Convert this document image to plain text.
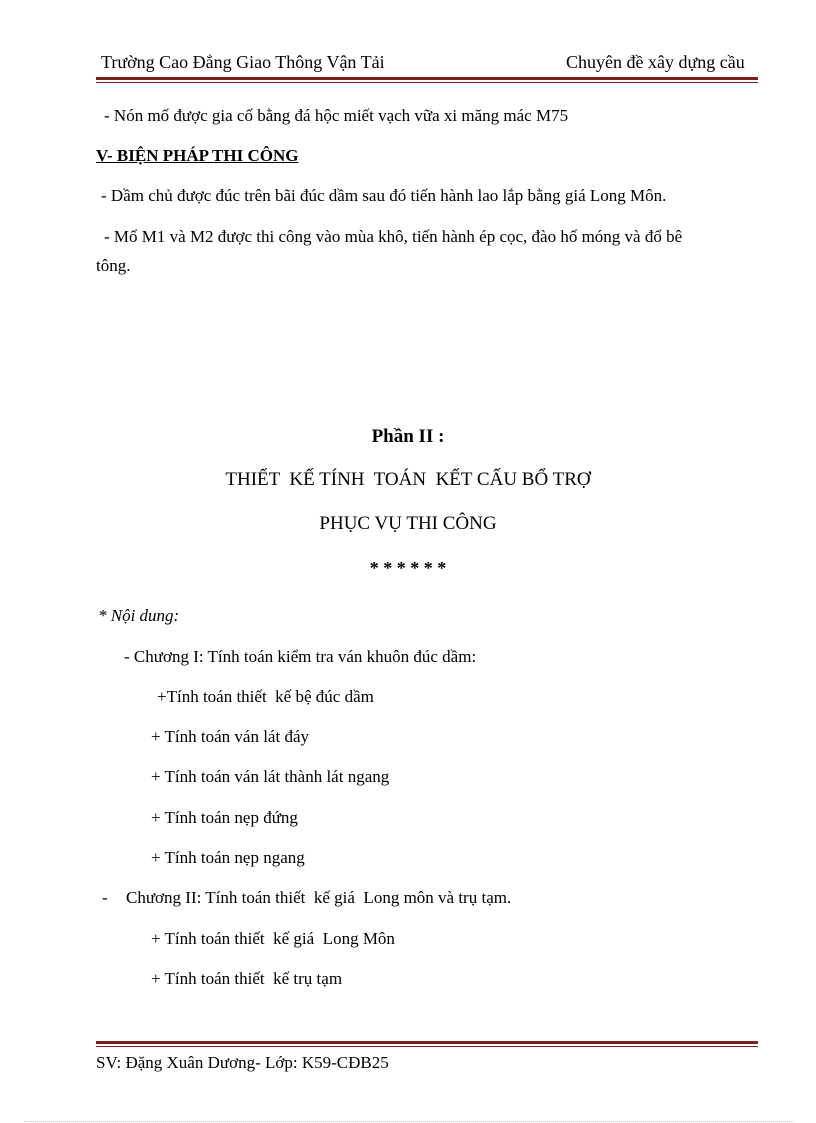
Trường Cao Đẳng Giao Thông Vận Tải	Chuyên đề xây dựng cầu
- Nón mố được gia cố bằng đá hộc miết vạch vữa xi măng mác M75
V- BIỆN PHÁP THI CÔNG
- Dầm chủ được đúc trên bãi đúc dầm sau đó tiến hành lao lắp bằng giá Long Môn.
- Mố M1 và M2 được thi công vào mùa khô, tiến hành ép cọc, đào hố móng và đổ bê
tông.
Phần II :
THIẾT  KẾ TÍNH  TOÁN  KẾT CẤU BỔ TRỢ
PHỤC VỤ THI CÔNG
* * * * * *
* Nội dung:
- Chương I: Tính toán kiểm tra ván khuôn đúc dầm:
+Tính toán thiết  kế bệ đúc dầm
+ Tính toán ván lát đáy
+ Tính toán ván lát thành lát ngang
+ Tính toán nẹp đứng
+ Tính toán nẹp ngang
- Chương II: Tính toán thiết  kế giá  Long môn và trụ tạm.
+ Tính toán thiết  kế giá  Long Môn
+ Tính toán thiết  kế trụ tạm
SV: Đặng Xuân Dương- Lớp: K59-CĐB25
